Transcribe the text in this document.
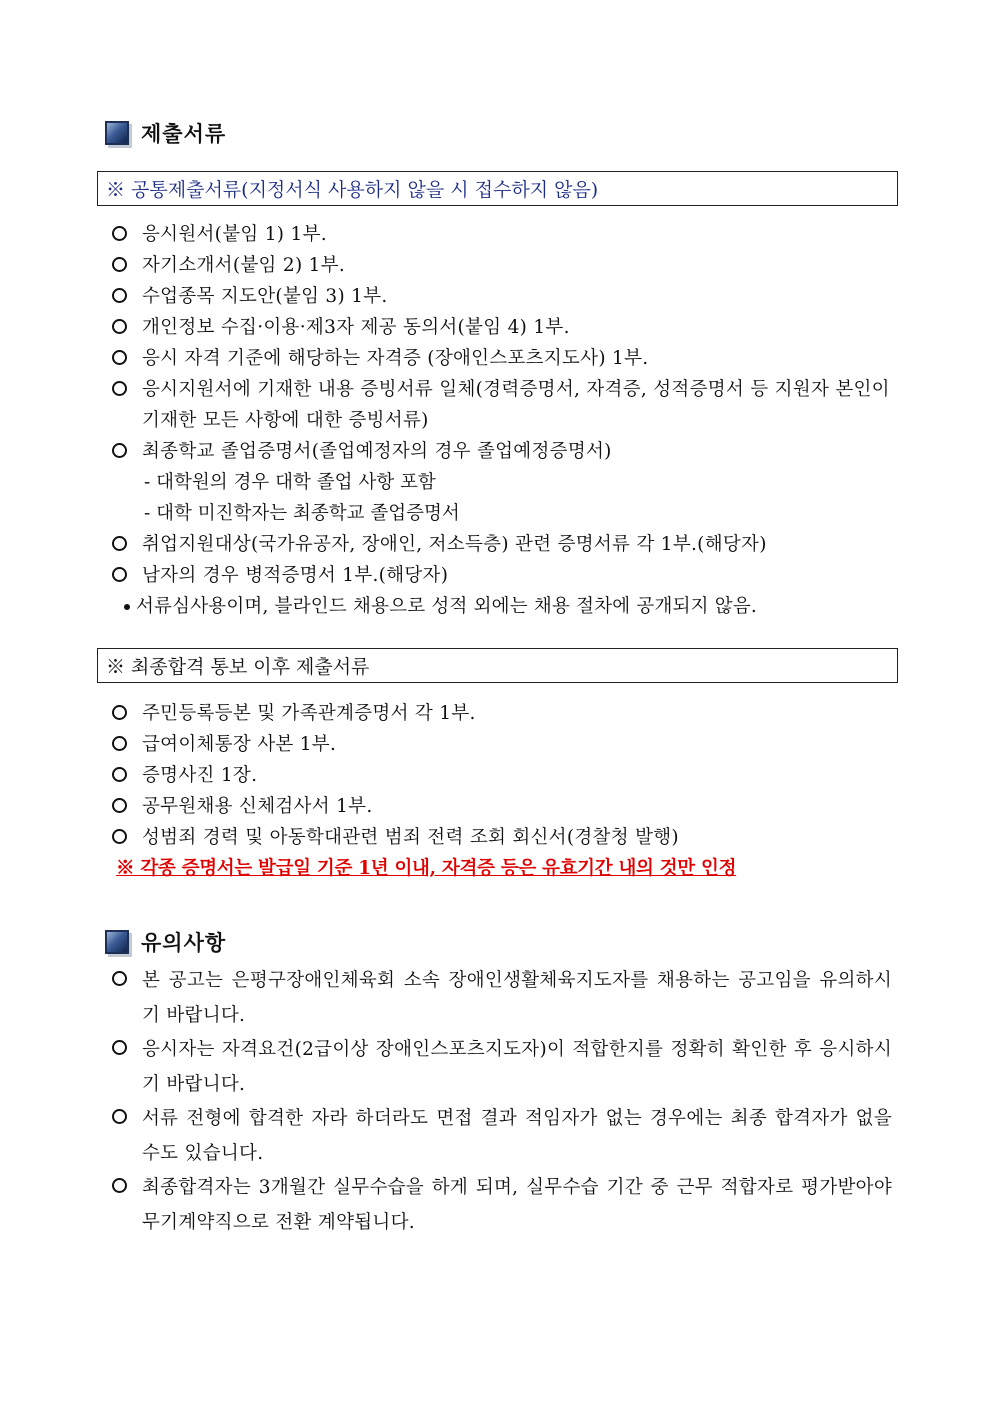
제출서류
※ 공통제출서류(지정서식 사용하지 않을 시 접수하지 않음)
응시원서(붙임 1) 1부.
자기소개서(붙임 2) 1부.
수업종목 지도안(붙임 3) 1부.
개인정보 수집·이용·제3자 제공 동의서(붙임 4) 1부.
응시 자격 기준에 해당하는 자격증 (장애인스포츠지도사) 1부.
응시지원서에 기재한 내용 증빙서류 일체(경력증명서, 자격증, 성적증명서 등 지원자 본인이 기재한 모든 사항에 대한 증빙서류)
최종학교 졸업증명서(졸업예정자의 경우 졸업예정증명서)
- 대학원의 경우 대학 졸업 사항 포함
- 대학 미진학자는 최종학교 졸업증명서
취업지원대상(국가유공자, 장애인, 저소득층) 관련 증명서류 각 1부.(해당자)
남자의 경우 병적증명서 1부.(해당자)
서류심사용이며, 블라인드 채용으로 성적 외에는 채용 절차에 공개되지 않음.
※ 최종합격 통보 이후 제출서류
주민등록등본 및 가족관계증명서 각 1부.
급여이체통장 사본 1부.
증명사진 1장.
공무원채용 신체검사서 1부.
성범죄 경력 및 아동학대관련 범죄 전력 조회 회신서(경찰청 발행)
※ 각종 증명서는 발급일 기준 1년 이내, 자격증 등은 유효기간 내의 것만 인정
유의사항
본 공고는 은평구장애인체육회 소속 장애인생활체육지도자를 채용하는 공고임을 유의하시기 바랍니다.
응시자는 자격요건(2급이상 장애인스포츠지도자)이 적합한지를 정확히 확인한 후 응시하시기 바랍니다.
서류 전형에 합격한 자라 하더라도 면접 결과 적임자가 없는 경우에는 최종 합격자가 없을 수도 있습니다.
최종합격자는 3개월간 실무수습을 하게 되며, 실무수습 기간 중 근무 적합자로 평가받아야 무기계약직으로 전환 계약됩니다.
